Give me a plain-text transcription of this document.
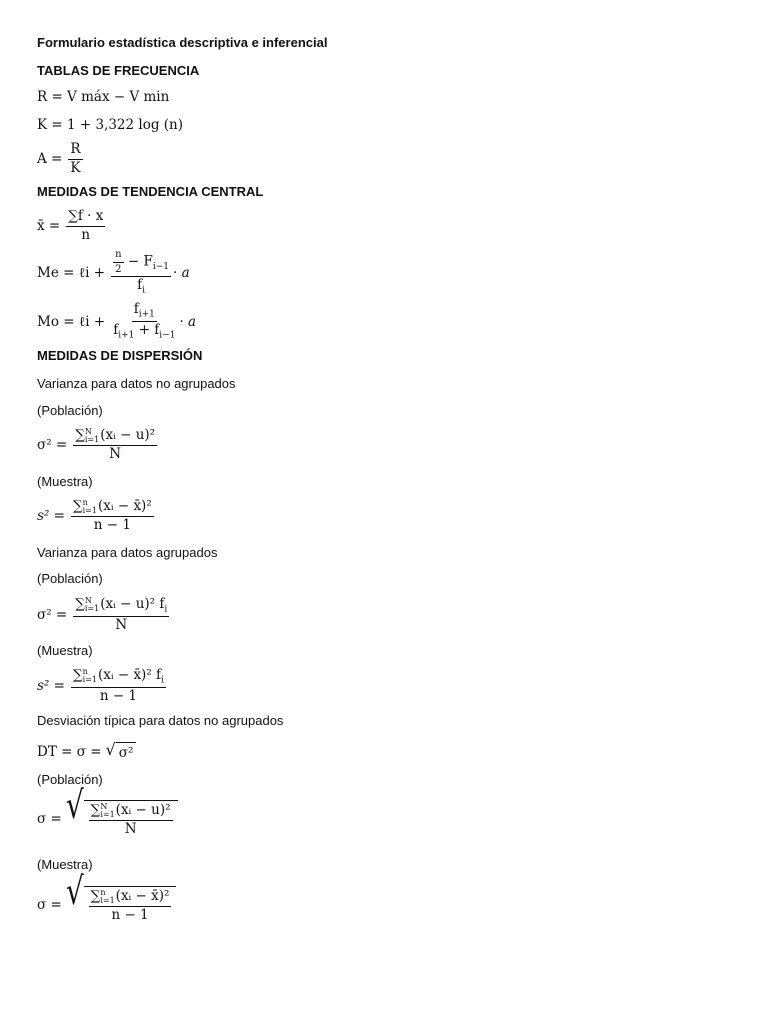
Formulario estadística descriptiva e inferencial
TABLAS DE FRECUENCIA
R = V máx − V min
K = 1 + 3,322 log (n)
$A = \frac{R}{K}$
MEDIDAS DE TENDENCIA CENTRAL
x̄ = $\frac{\sum f \cdot x}{n}$
Me = ℓi + $\frac{\frac{n}{2} - F_{i-1}}{f_i} \cdot a$
Mo = ℓi + $\frac{f_{i+1}}{f_{i+1} + f_{i-1}} \cdot a$
MEDIDAS DE DISPERSIÓN
Varianza para datos no agrupados
(Población)
σ² = ∑ N
i=1 (xᵢ − u)²
N
(Muestra)
s² = ∑ n
i=1 (xᵢ − x̄)²
n − 1
Varianza para datos agrupados
(Población)
σ² = ∑ N
i=1 (xᵢ − u)² $f_i$
N
(Muestra)
s² = ∑ n
i=1 (xᵢ − x̄)² $f_i$
n − 1
Desviación típica para datos no agrupados
DT = σ = √ σ²
(Población)
σ = √ ∑ N
i=1 (xᵢ − u)²
N
(Muestra)
σ = √ ∑ n
i=1 (xᵢ − x̄)²
n − 1
